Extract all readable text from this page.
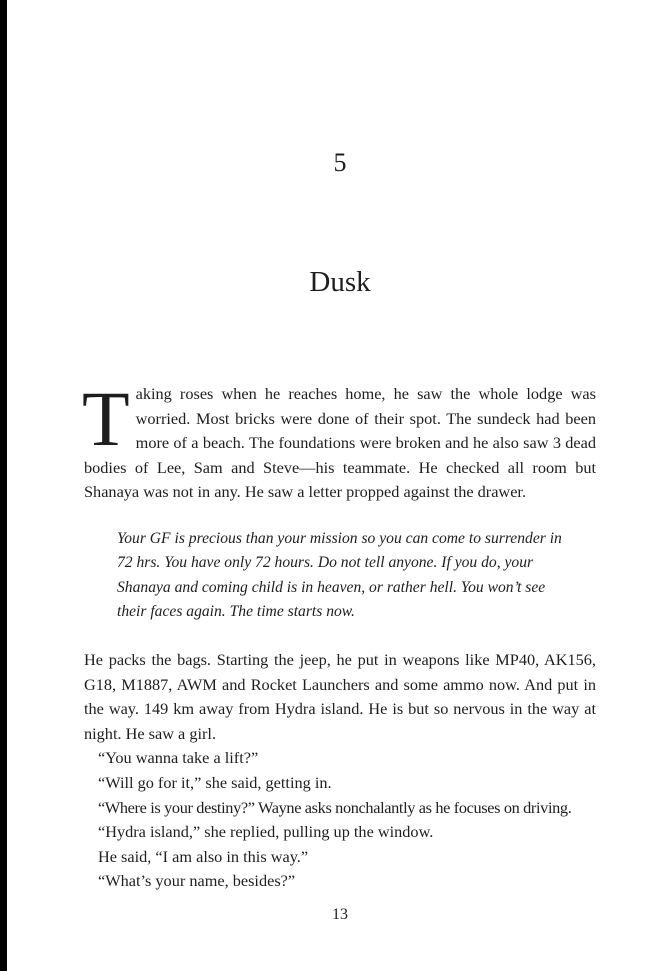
5
Dusk
T aking roses when he reaches home, he saw the whole lodge was worried. Most bricks were done of their spot. The sundeck had been more of a beach. The foundations were broken and he also saw 3 dead bodies of Lee, Sam and Steve—his teammate. He checked all room but Shanaya was not in any. He saw a letter propped against the drawer.
Your GF is precious than your mission so you can come to surrender in 72 hrs. You have only 72 hours. Do not tell anyone. If you do, your Shanaya and coming child is in heaven, or rather hell. You won’t see their faces again. The time starts now.

He packs the bags. Starting the jeep, he put in weapons like MP40, AK156, G18, M1887, AWM and Rocket Launchers and some ammo now. And put in the way. 149 km away from Hydra island. He is but so nervous in the way at night. He saw a girl.

“You wanna take a lift?”

“Will go for it,” she said, getting in.

“Where is your destiny?” Wayne asks nonchalantly as he focuses on driving.

“Hydra island,” she replied, pulling up the window.

He said, “I am also in this way.”

“What’s your name, besides?”

13
